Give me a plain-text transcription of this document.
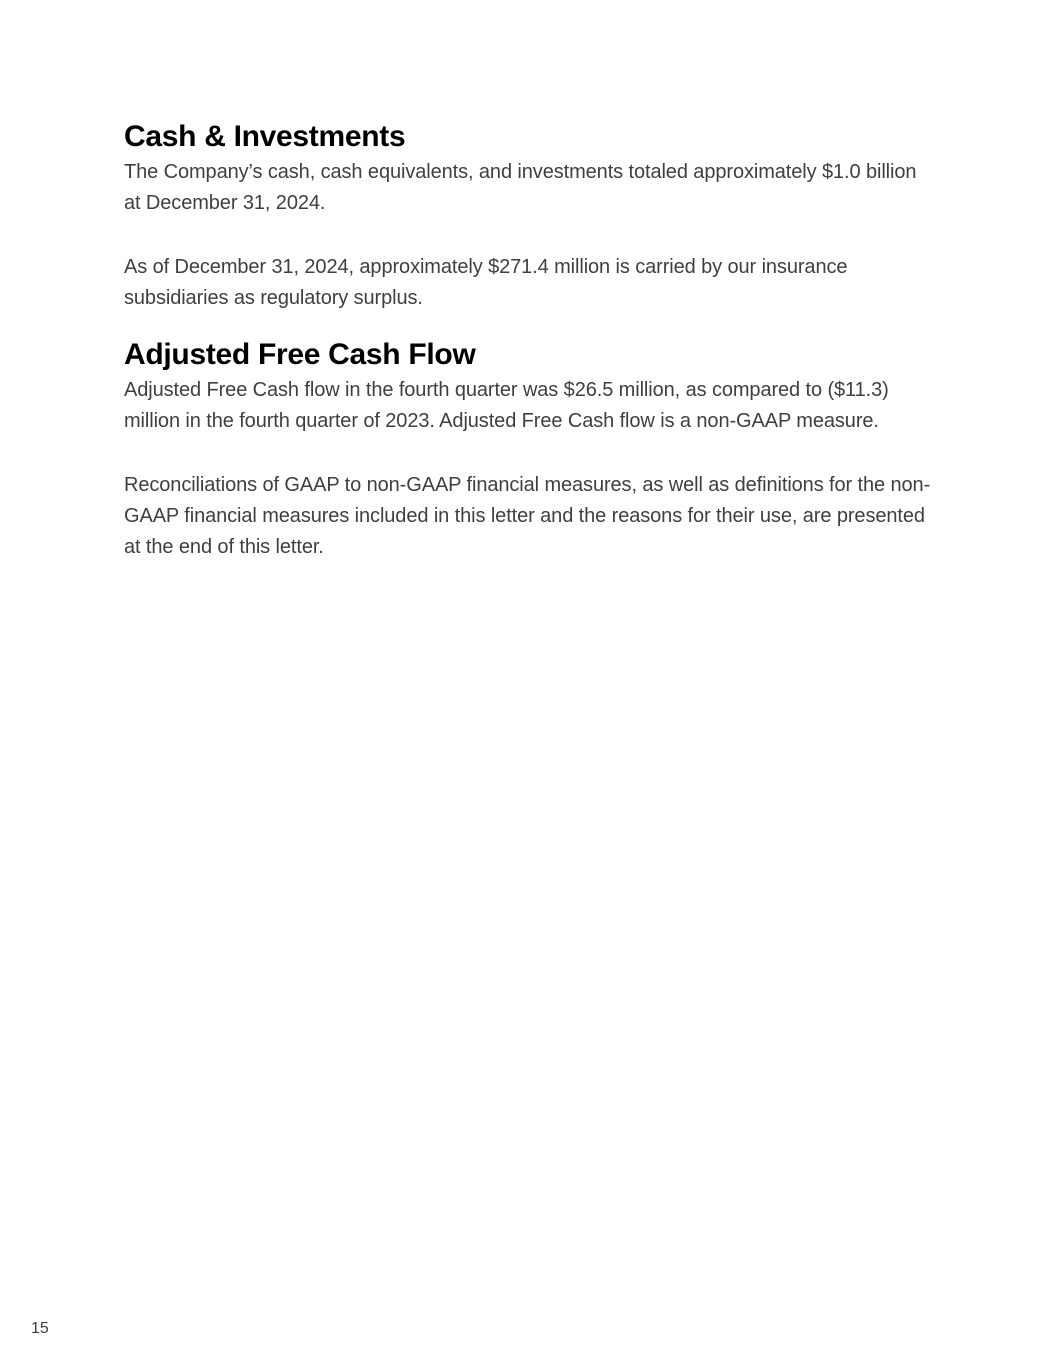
Cash & Investments

The Company’s cash, cash equivalents, and investments totaled approximately $1.0 billion at December 31, 2024.

As of December 31, 2024, approximately $271.4 million is carried by our insurance subsidiaries as regulatory surplus.

Adjusted Free Cash Flow

Adjusted Free Cash flow in the fourth quarter was $26.5 million, as compared to ($11.3) million in the fourth quarter of 2023. Adjusted Free Cash flow is a non-GAAP measure.

Reconciliations of GAAP to non-GAAP financial measures, as well as definitions for the non-GAAP financial measures included in this letter and the reasons for their use, are presented at the end of this letter.

15
